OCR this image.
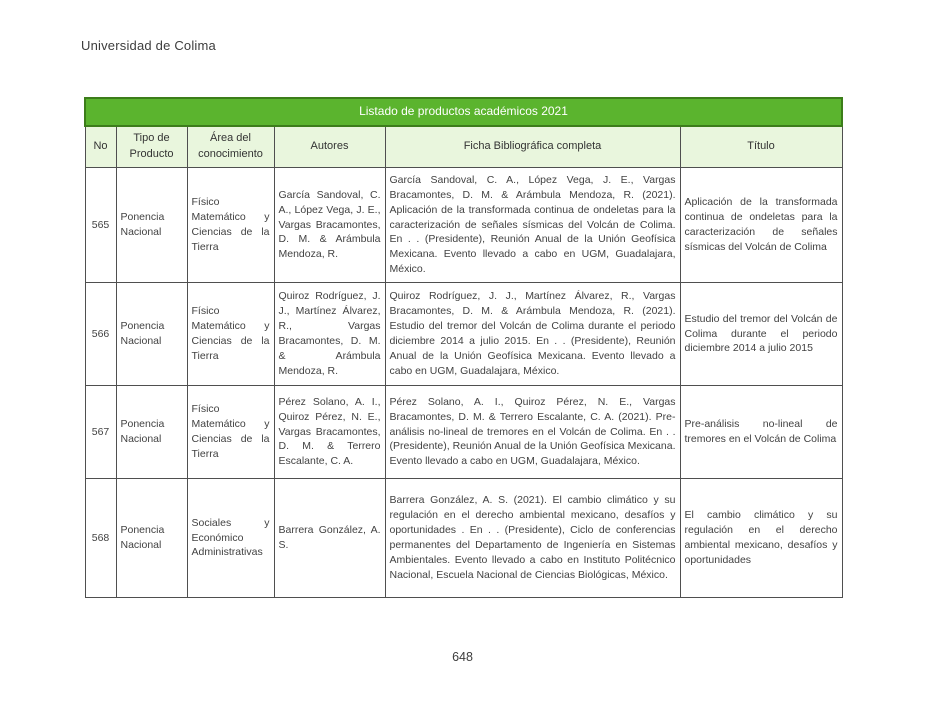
Universidad de Colima
Listado de productos académicos 2021					
No	Tipo de Producto	Área del conocimiento	Autores	Ficha Bibliográfica completa	Título
565	Ponencia Nacional	Físico Matemático y Ciencias de la Tierra	García Sandoval, C. A., López Vega, J. E., Vargas Bracamontes, D. M. & Arámbula Mendoza, R.	García Sandoval, C. A., López Vega, J. E., Vargas Bracamontes, D. M. & Arámbula Mendoza, R. (2021). Aplicación de la transformada continua de ondeletas para la caracterización de señales sísmicas del Volcán de Colima. En . . (Presidente), Reunión Anual de la Unión Geofísica Mexicana. Evento llevado a cabo en UGM, Guadalajara, México.	Aplicación de la transformada continua de ondeletas para la caracterización de señales sísmicas del Volcán de Colima
566	Ponencia Nacional	Físico Matemático y Ciencias de la Tierra	Quiroz Rodríguez, J. J., Martínez Álvarez, R., Vargas Bracamontes, D. M. & Arámbula Mendoza, R.	Quiroz Rodríguez, J. J., Martínez Álvarez, R., Vargas Bracamontes, D. M. & Arámbula Mendoza, R. (2021). Estudio del tremor del Volcán de Colima durante el periodo diciembre 2014 a julio 2015. En . . (Presidente), Reunión Anual de la Unión Geofísica Mexicana. Evento llevado a cabo en UGM, Guadalajara, México.	Estudio del tremor del Volcán de Colima durante el periodo diciembre 2014 a julio 2015
567	Ponencia Nacional	Físico Matemático y Ciencias de la Tierra	Pérez Solano, A. I., Quiroz Pérez, N. E., Vargas Bracamontes, D. M. & Terrero Escalante, C. A.	Pérez Solano, A. I., Quiroz Pérez, N. E., Vargas Bracamontes, D. M. & Terrero Escalante, C. A. (2021). Pre-análisis no-lineal de tremores en el Volcán de Colima. En . . (Presidente), Reunión Anual de la Unión Geofísica Mexicana. Evento llevado a cabo en UGM, Guadalajara, México.	Pre-análisis no-lineal de tremores en el Volcán de Colima
568	Ponencia Nacional	Sociales y Económico Administrativas	Barrera González, A. S.	Barrera González, A. S. (2021). El cambio climático y su regulación en el derecho ambiental mexicano, desafíos y oportunidades . En . . (Presidente), Ciclo de conferencias permanentes del Departamento de Ingeniería en Sistemas Ambientales. Evento llevado a cabo en Instituto Politécnico Nacional, Escuela Nacional de Ciencias Biológicas, México.	El cambio climático y su regulación en el derecho ambiental mexicano, desafíos y oportunidades
648
